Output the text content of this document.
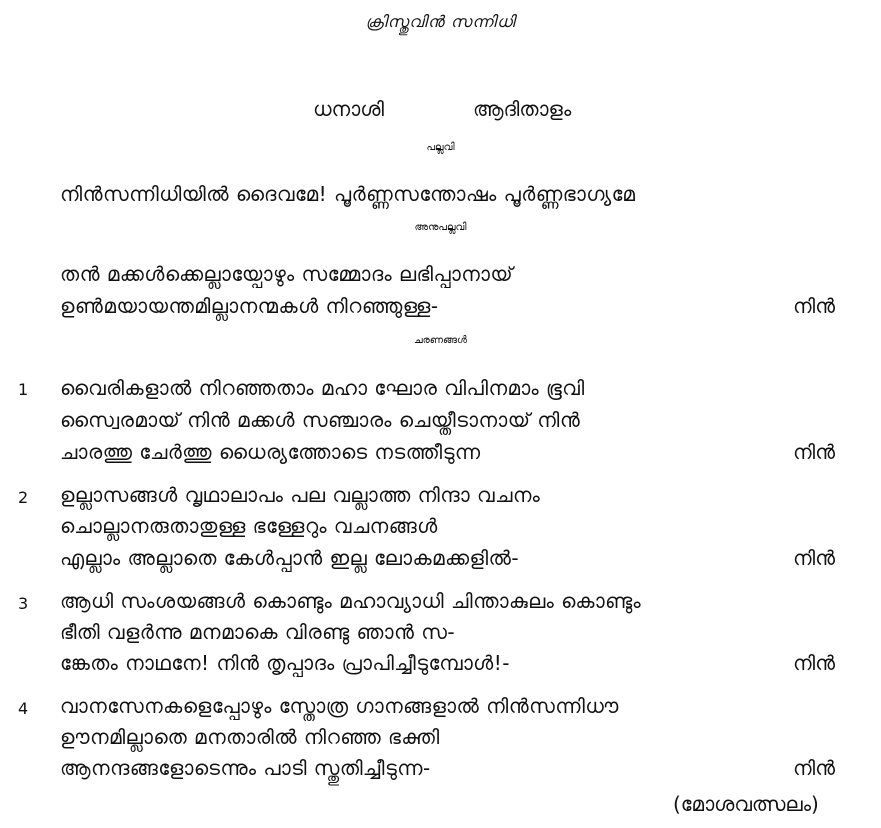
ക്രിസ്തുവിൻ സന്നിധി
ധനാശി	ആദിതാളം
പല്ലവി
നിൻസന്നിധിയിൽ ദൈവമേ! പൂർണ്ണസന്തോഷം പൂർണ്ണഭാഗ്യമേ
അനുപല്ലവി
തൻ മക്കൾക്കെല്ലായ്പോഴും സമ്മോദം ലഭിപ്പാനായ്
ഉൺമയായന്തമില്ലാനന്മകൾ നിറഞ്ഞുള്ള-	നിൻ
ചരണങ്ങൾ
1 വൈരികളാൽ നിറഞ്ഞതാം മഹാ ഘോര വിപിനമാം ഭൂവി
സ്വൈരമായ് നിൻ മക്കൾ സഞ്ചാരം ചെയ്തീടാനായ് നിൻ
ചാരത്തു ചേർത്തു ധൈര്യത്തോടെ നടത്തീടുന്ന	നിൻ
2 ഉല്ലാസങ്ങൾ വൃഥാലാപം പല വല്ലാത്ത നിന്ദാ വചനം
ചൊല്ലാനരുതാതുള്ള ഭള്ളേറും വചനങ്ങൾ
എല്ലാം അല്ലാതെ കേൾപ്പാൻ ഇല്ല ലോകമക്കളിൽ-	നിൻ
3 ആധി സംശയങ്ങൾ കൊണ്ടും മഹാവ്യാധി ചിന്താകുലം കൊണ്ടും
ഭീതി വളർന്നു മനമാകെ വിരണ്ടു ഞാൻ സ-
ങ്കേതം നാഥനേ! നിൻ തൃപ്പാദം പ്രാപിച്ചീടുമ്പോൾ!-	നിൻ
4 വാനസേനകളെപ്പോഴും സ്തോത്ര ഗാനങ്ങളാൽ നിൻസന്നിധൗ
ഊനമില്ലാതെ മനതാരിൽ നിറഞ്ഞ ഭക്തി
ആനന്ദങ്ങളോടെന്നും പാടി സ്തുതിച്ചീടുന്ന-	നിൻ
(മോശവത്സലം)
